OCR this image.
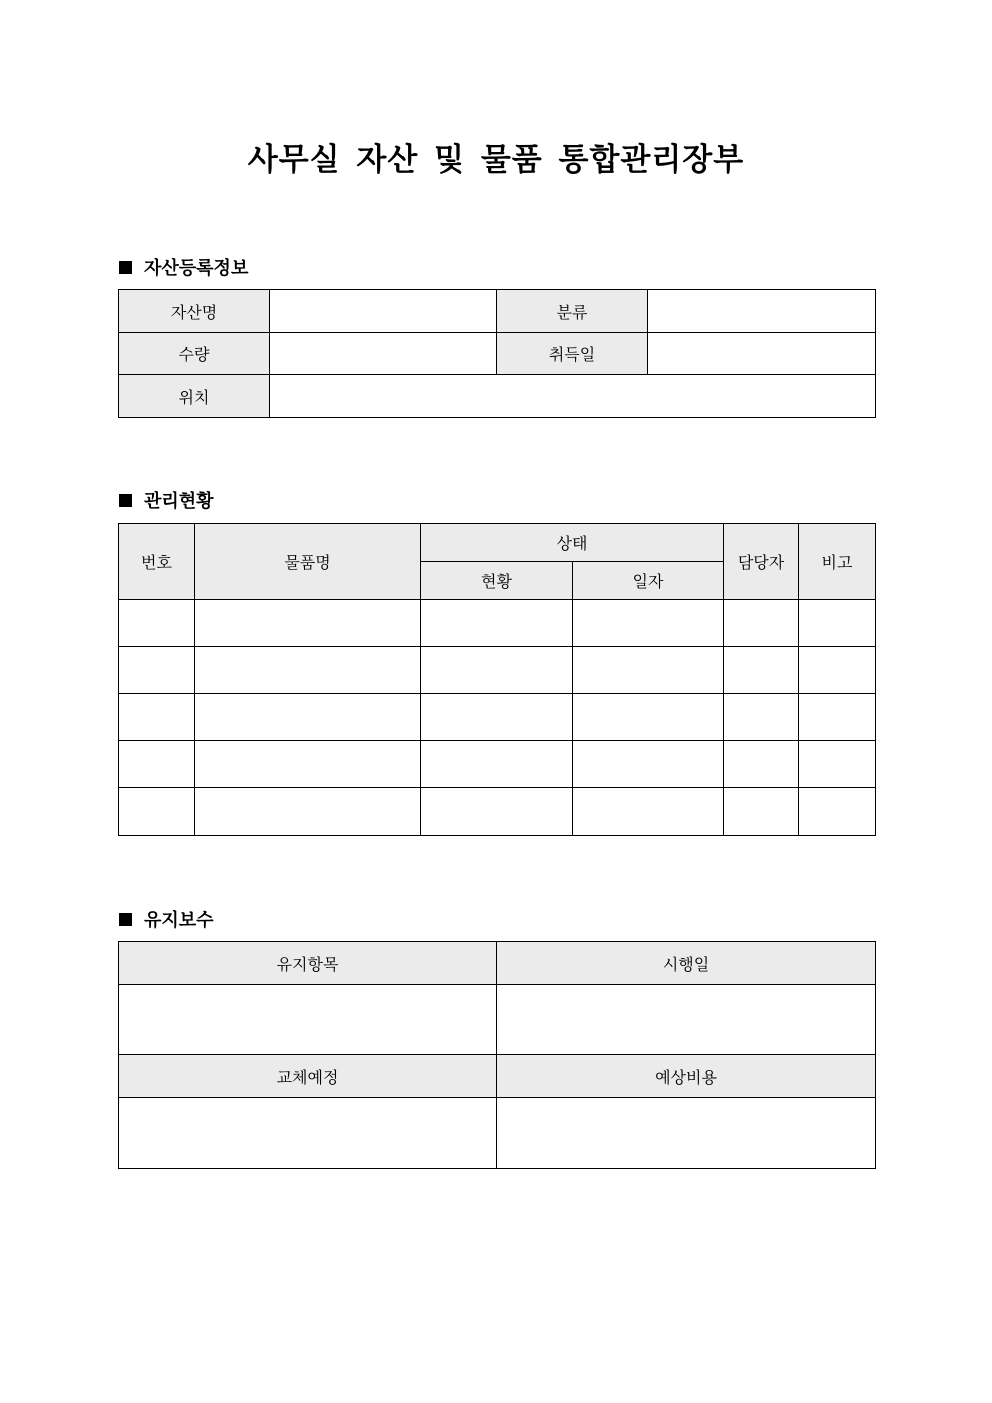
사무실 자산 및 물품 통합관리장부
자산등록정보
자산명		분류	
수량		취득일	
위치			
관리현황
번호	물품명	상태		담당자	비고
		현황	일자		

유지보수
유지항목	시행일

교체예정	예상비용
